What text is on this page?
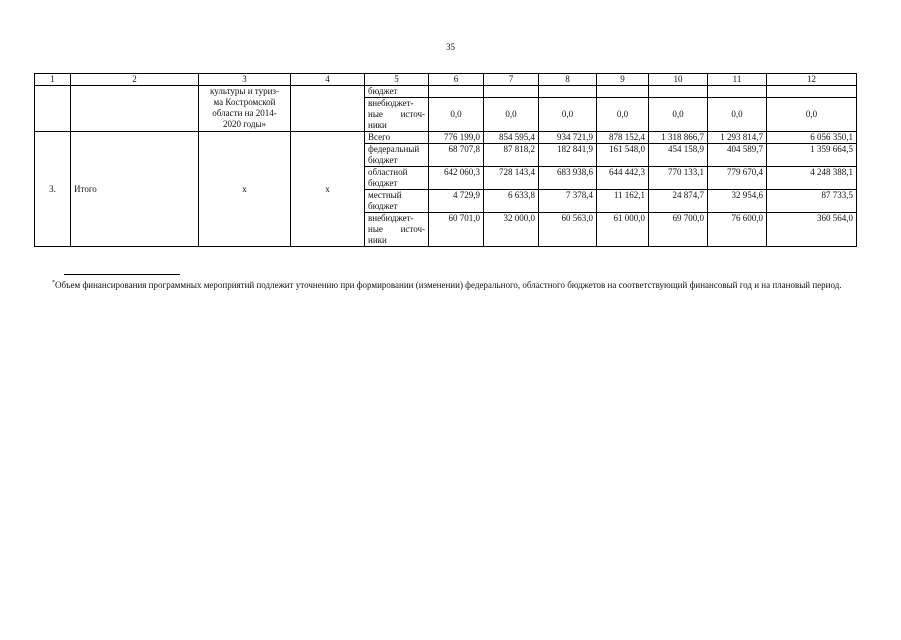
35
1	2	3	4	5	6	7	8	9	10	11	12

		культуры и туриз-
ма Костромской
области на 2014-
2020 годы»		бюджет							

				внебюджет-
ные источ-
ники	0,0	0,0	0,0	0,0	0,0	0,0	0,0
3.	Итого	х	х	Всего	776 199,0	854 595,4	934 721,9	878 152,4	1 318 866,7	1 293 814,7	6 056 350,1

				федеральный
бюджет	68 707,8	87 818,2	182 841,9	161 548,0	454 158,9	404 589,7	1 359 664,5

				областной
бюджет	642 060,3	728 143,4	683 938,6	644 442,3	770 133,1	779 670,4	4 248 388,1

				местный
бюджет	4 729,9	6 633,8	7 378,4	11 162,1	24 874,7	32 954,6	87 733,5

				внебюджет-
ные источ-
ники	60 701,0	32 000,0	60 563,0	61 000,0	69 700,0	76 600,0	360 564,0
*Объем финансирования программных мероприятий подлежит уточнению при формировании (изменении) федерального, областного бюджетов на соответствующий финансовый год и на плановый период.
